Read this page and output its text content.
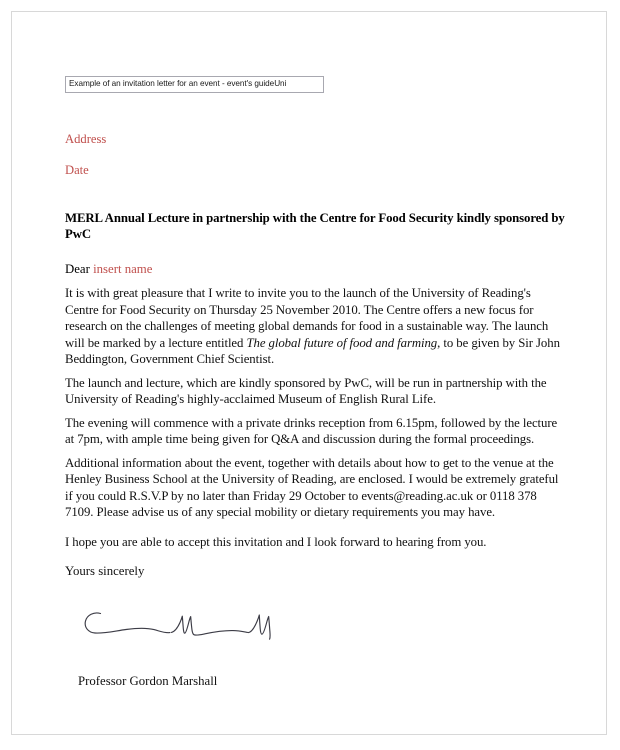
Example of an invitation letter for an event - event's guideUni

Address

Date

MERL Annual Lecture in partnership with the Centre for Food Security kindly sponsored by PwC

Dear insert name

It is with great pleasure that I write to invite you to the launch of the University of Reading's Centre for Food Security on Thursday 25 November 2010. The Centre offers a new focus for research on the challenges of meeting global demands for food in a sustainable way. The launch will be marked by a lecture entitled The global future of food and farming, to be given by Sir John Beddington, Government Chief Scientist.

The launch and lecture, which are kindly sponsored by PwC, will be run in partnership with the University of Reading's highly-acclaimed Museum of English Rural Life.

The evening will commence with a private drinks reception from 6.15pm, followed by the lecture at 7pm, with ample time being given for Q&A and discussion during the formal proceedings.

Additional information about the event, together with details about how to get to the venue at the Henley Business School at the University of Reading, are enclosed. I would be extremely grateful if you could R.S.V.P by no later than Friday 29 October to events@reading.ac.uk or 0118 378 7109. Please advise us of any special mobility or dietary requirements you may have.

I hope you are able to accept this invitation and I look forward to hearing from you.

Yours sincerely

Professor Gordon Marshall
